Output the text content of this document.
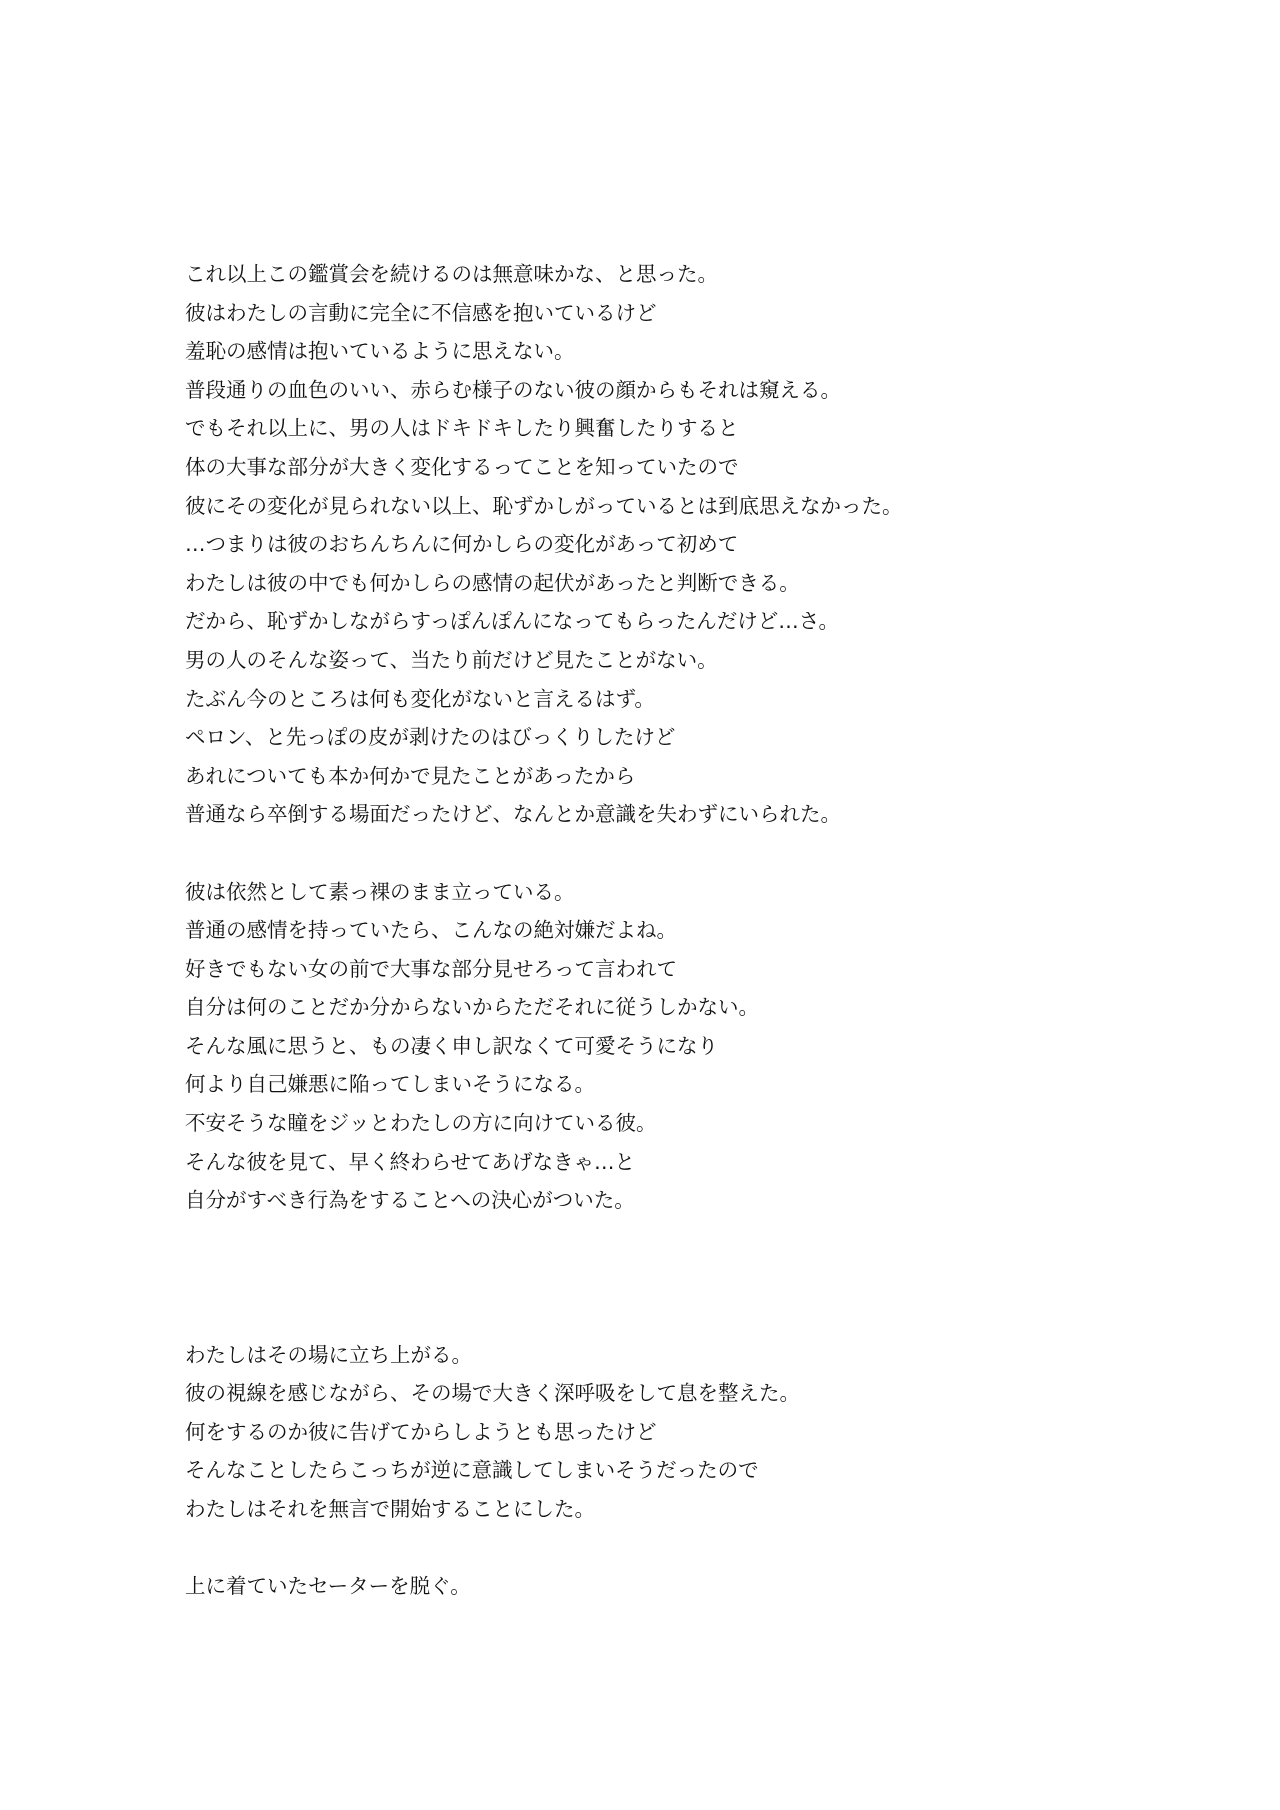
これ以上この鑑賞会を続けるのは無意味かな、と思った。
彼はわたしの言動に完全に不信感を抱いているけど
羞恥の感情は抱いているように思えない。
普段通りの血色のいい、赤らむ様子のない彼の顔からもそれは窺える。
でもそれ以上に、男の人はドキドキしたり興奮したりすると
体の大事な部分が大きく変化するってことを知っていたので
彼にその変化が見られない以上、恥ずかしがっているとは到底思えなかった。
…つまりは彼のおちんちんに何かしらの変化があって初めて
わたしは彼の中でも何かしらの感情の起伏があったと判断できる。
だから、恥ずかしながらすっぽんぽんになってもらったんだけど…さ。
男の人のそんな姿って、当たり前だけど見たことがない。
たぶん今のところは何も変化がないと言えるはず。
ペロン、と先っぽの皮が剥けたのはびっくりしたけど
あれについても本か何かで見たことがあったから
普通なら卒倒する場面だったけど、なんとか意識を失わずにいられた。
彼は依然として素っ裸のまま立っている。
普通の感情を持っていたら、こんなの絶対嫌だよね。
好きでもない女の前で大事な部分見せろって言われて
自分は何のことだか分からないからただそれに従うしかない。
そんな風に思うと、もの凄く申し訳なくて可愛そうになり
何より自己嫌悪に陥ってしまいそうになる。
不安そうな瞳をジッとわたしの方に向けている彼。
そんな彼を見て、早く終わらせてあげなきゃ…と
自分がすべき行為をすることへの決心がついた。
わたしはその場に立ち上がる。
彼の視線を感じながら、その場で大きく深呼吸をして息を整えた。
何をするのか彼に告げてからしようとも思ったけど
そんなことしたらこっちが逆に意識してしまいそうだったので
わたしはそれを無言で開始することにした。
上に着ていたセーターを脱ぐ。
